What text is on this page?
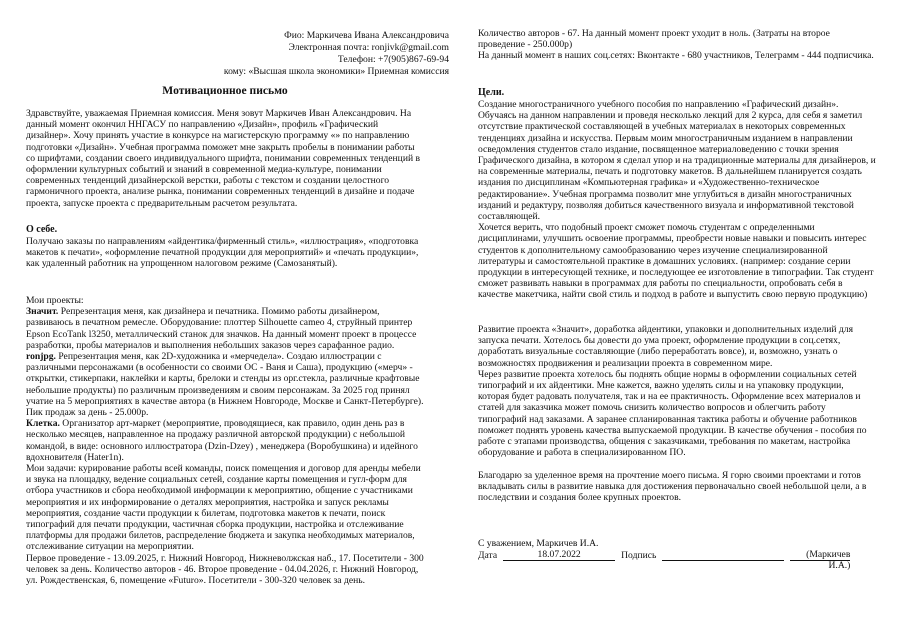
Фио: Маркичева Ивана Александровича

Электронная почта: ronjivk@gmail.com

Телефон: +7(905)867-69-94

кому: «Высшая школа экономики» Приемная комиссия

Мотивационное письмо

Здравствуйте, уважаемая Приемная комиссия. Меня зовут Маркичев Иван Александрович. На данный момент окончил ННГАСУ по направлению «Дизайн», профиль «Графический дизайнер». Хочу принять участие в конкурсе на магистерскую программу «» по направлению подготовки «Дизайн». Учебная программа поможет мне закрыть пробелы в понимании работы со шрифтами, создании своего индивидуального шрифта, понимании современных тенденций в оформлении культурных событий и знаний в современной медиа-культуре, понимании современных тенденций дизайнерской верстки, работы с текстом и создании целостного гармоничного проекта, анализе рынка, понимании современных тенденций в дизайне и подаче проекта, запуске проекта с предварительным расчетом результата.

О себе.

Получаю заказы по направлениям «айдентика/фирменный стиль», «иллюстрация», «подготовка макетов к печати», «оформление печатной продукции для мероприятий» и «печать продукции», как удаленный работник на упрощенном налоговом режиме (Самозанятый).

Мои проекты:

Значит. Репрезентация меня, как дизайнера и печатника. Помимо работы дизайнером, развиваюсь в печатном ремесле. Оборудование: плоттер Silhouette cameo 4, струйный принтер Epson EcoTank l3250, металлический станок для значков. На данный момент проект в процессе разработки, пробы материалов и выполнения небольших заказов через сарафанное радио.

ronjpg. Репрезентация меня, как 2D-художника и «мерчедела». Создаю иллюстрации с различными персонажами (в особенности со своими ОС - Ваня и Саша), продукцию («мерч» - открытки, стикерпаки, наклейки и карты, брелоки и стенды из орг.стекла, различные крафтовые небольшие продукты) по различным произведениям и своим персонажам. За 2025 год принял учатие на 5 мероприятиях в качестве автора (в Нижнем Новгороде, Москве и Санкт-Петербурге). Пик продаж за день - 25.000р.

Клетка. Организатор арт-маркет (мероприятие, проводящиеся, как правило, один день раз в несколько месяцев, направленное на продажу различной авторской продукции) с небольшой командой, в виде: основного иллюстратора (Dzin-Dzey) , менеджера (Воробушкина) и идейного вдохновителя (Hater1n).

Мои задачи: курирование работы всей команды, поиск помещения и договор для аренды мебели и звука на площадку, ведение социальных сетей, создание карты помещения и гугл-форм для отбора участников и сбора необходимой информации к мероприятию, общение с участниками мероприятия и их информирование о деталях мероприятия, настройка и запуск рекламы мероприятия, создание части продукции к билетам, подготовка макетов к печати, поиск типографий для печати продукции, частичная сборка продукции, настройка и отслеживание платформы для продажи билетов, распределение бюджета и закупка необходимых материалов, отслеживание ситуации на мероприятии.

Первое проведение - 13.09.2025, г. Нижний Новгород, Нижневолжская наб., 17. Посетители - 300 человек за день. Количество авторов - 46. Второе проведение - 04.04.2026, г. Нижний Новгород, ул. Рождественская, 6, помещение «Futuro». Посетители - 300-320 человек за день.

Количество авторов - 67. На данный момент проект уходит в ноль. (Затраты на второе проведение - 250.000р)

На данный момент в наших соц.сетях: Вконтакте - 680 участников, Телеграмм - 444 подписчика.

Цели.

Создание многостраничного учебного пособия по направлению «Графический дизайн». Обучаясь на данном направлении и проведя несколько лекций для 2 курса, для себя я заметил отсутствие практической составляющей в учебных материалах в некоторых современных тенденциях дизайна и искусства. Первым моим многостраничным изданием в направлении осведомления студентов стало издание, посвященное материаловедению с точки зрения Графического дизайна, в котором я сделал упор и на традиционные материалы для дизайнеров, и на современные материалы, печать и подготовку макетов. В дальнейшем планируется создать издания по дисциплинам «Компьютерная графика» и «Художественно-техническое редактирование». Учебная программа позволит мне углубиться в дизайн многостраничных изданий и редактуру, позволяя добиться качественного визуала и информативной текстовой составляющей.

Хочется верить, что подобный проект сможет помочь студентам с определенными дисциплинами, улучшить освоение программы, преобрести новые навыки и повысить интерес студентов к дополнительному самообразованию через изучение специализированной литературы и самостоятельной практике в домашних условиях. (например: создание серии продукции в интересующей технике, и последующее ее изготовление в типографии. Так студент сможет развивать навыки в программах для работы по специальности, опробовать себя в качестве макетчика, найти свой стиль и подход в работе и выпустить свою первую продукцию)

Развитие проекта «Значит», доработка айдентики, упаковки и дополнительных изделий для запуска печати. Хотелось бы довести до ума проект, оформление продукции в соц.сетях, доработать визуальные составляющие (либо переработать вовсе), и, возможно, узнать о возможностях продвижения и реализации проекта в современном мире.

Через развитие проекта хотелось бы поднять общие нормы в оформлении социальных сетей типографий и их айдентики. Мне кажется, важно уделять силы и на упаковку продукции, которая будет радовать получателя, так и на ее практичность. Оформление всех материалов и статей для заказчика может помочь снизить количество вопросов и облегчить работу типографий над заказами. А заранее спланированная тактика работы и обучение работников поможет поднять уровень качества выпускаемой продукции. В качестве обучения - пособия по работе с этапами производства, общения с заказчиками, требования по макетам, настройка оборудование и работа в специализированном ПО.

Благодарю за уделенное время на прочтение моего письма. Я горю своими проектами и готов вкладывать силы в развитие навыка для достижения первоначально своей небольшой цели, а в последствии и создания более крупных проектов.

С уважением, Маркичев И.А.

Дата	18.07.2022	Подпись	(Маркичев И.А.)
